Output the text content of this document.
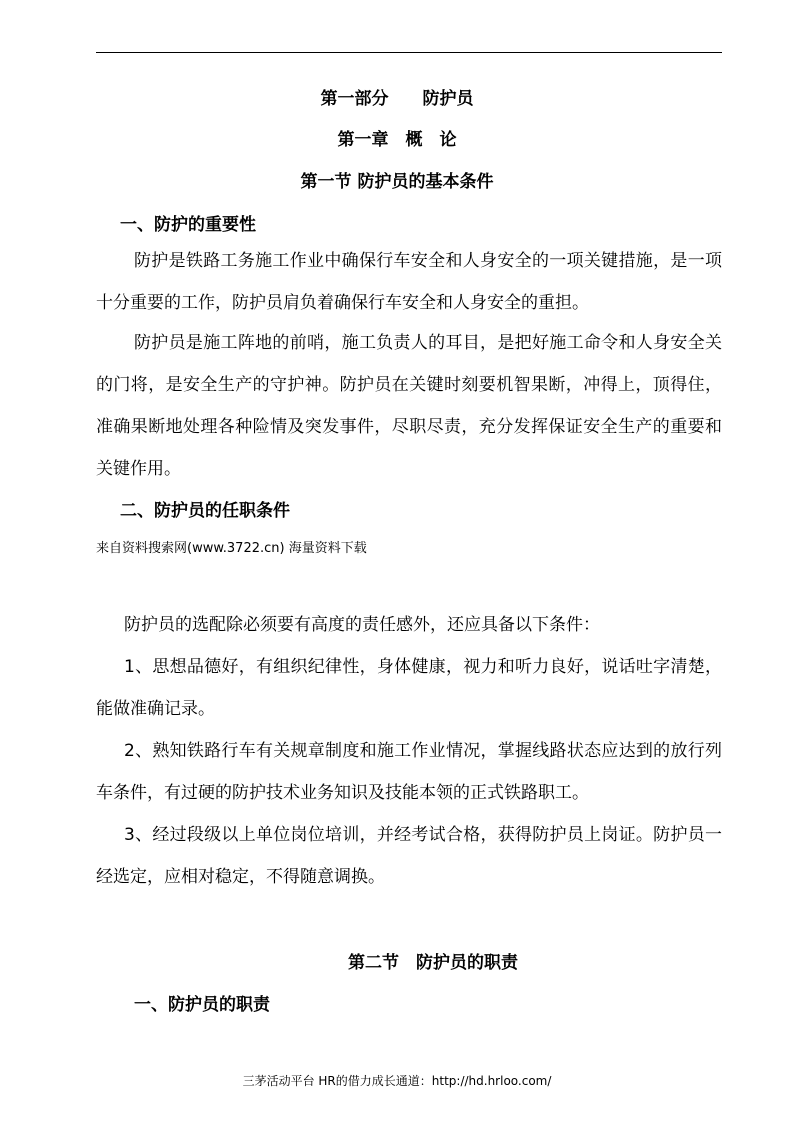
第一部分　　防护员
第一章　概　论
第一节 防护员的基本条件
一、防护的重要性
防护是铁路工务施工作业中确保行车安全和人身安全的一项关键措施，是一项十分重要的工作，防护员肩负着确保行车安全和人身安全的重担。
防护员是施工阵地的前哨，施工负责人的耳目，是把好施工命令和人身安全关的门将，是安全生产的守护神。防护员在关键时刻要机智果断，冲得上，顶得住，准确果断地处理各种险情及突发事件，尽职尽责，充分发挥保证安全生产的重要和关键作用。
二、防护员的任职条件
来自资料搜索网(www.3722.cn) 海量资料下载
防护员的选配除必须要有高度的责任感外，还应具备以下条件：
1、思想品德好，有组织纪律性，身体健康，视力和听力良好，说话吐字清楚，能做准确记录。
2、熟知铁路行车有关规章制度和施工作业情况，掌握线路状态应达到的放行列车条件，有过硬的防护技术业务知识及技能本领的正式铁路职工。
3、经过段级以上单位岗位培训，并经考试合格，获得防护员上岗证。防护员一经选定，应相对稳定，不得随意调换。
第二节　防护员的职责
一、防护员的职责
三茅活动平台 HR的借力成长通道：http://hd.hrloo.com/
